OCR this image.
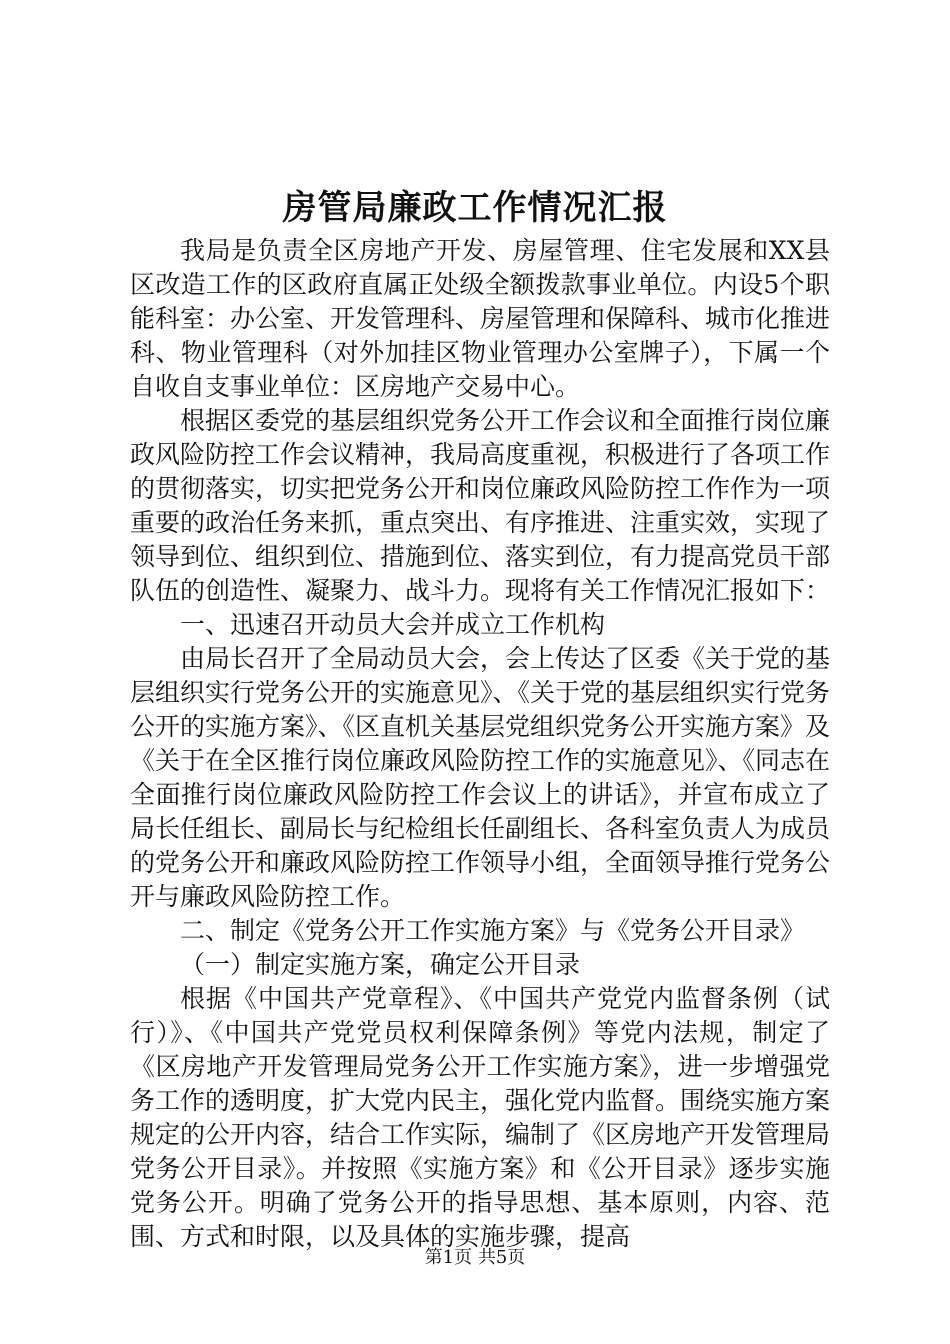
房管局廉政工作情况汇报

我局是负责全区房地产开发、房屋管理、住宅发展和XX县区改造工作的区政府直属正处级全额拨款事业单位。内设5个职能科室：办公室、开发管理科、房屋管理和保障科、城市化推进科、物业管理科（对外加挂区物业管理办公室牌子），下属一个自收自支事业单位：区房地产交易中心。

根据区委党的基层组织党务公开工作会议和全面推行岗位廉政风险防控工作会议精神，我局高度重视，积极进行了各项工作的贯彻落实，切实把党务公开和岗位廉政风险防控工作作为一项重要的政治任务来抓，重点突出、有序推进、注重实效，实现了领导到位、组织到位、措施到位、落实到位，有力提高党员干部队伍的创造性、凝聚力、战斗力。现将有关工作情况汇报如下：

一、迅速召开动员大会并成立工作机构

由局长召开了全局动员大会，会上传达了区委《关于党的基层组织实行党务公开的实施意见》、《关于党的基层组织实行党务公开的实施方案》、《区直机关基层党组织党务公开实施方案》及《关于在全区推行岗位廉政风险防控工作的实施意见》、《同志在全面推行岗位廉政风险防控工作会议上的讲话》，并宣布成立了局长任组长、副局长与纪检组长任副组长、各科室负责人为成员的党务公开和廉政风险防控工作领导小组，全面领导推行党务公开与廉政风险防控工作。

二、制定《党务公开工作实施方案》与《党务公开目录》

（一）制定实施方案，确定公开目录

根据《中国共产党章程》、《中国共产党党内监督条例（试行）》、《中国共产党党员权利保障条例》等党内法规，制定了《区房地产开发管理局党务公开工作实施方案》，进一步增强党务工作的透明度，扩大党内民主，强化党内监督。围绕实施方案规定的公开内容，结合工作实际，编制了《区房地产开发管理局党务公开目录》。并按照《实施方案》和《公开目录》逐步实施党务公开。明确了党务公开的指导思想、基本原则，内容、范围、方式和时限，以及具体的实施步骤，提高

第1页 共5页
